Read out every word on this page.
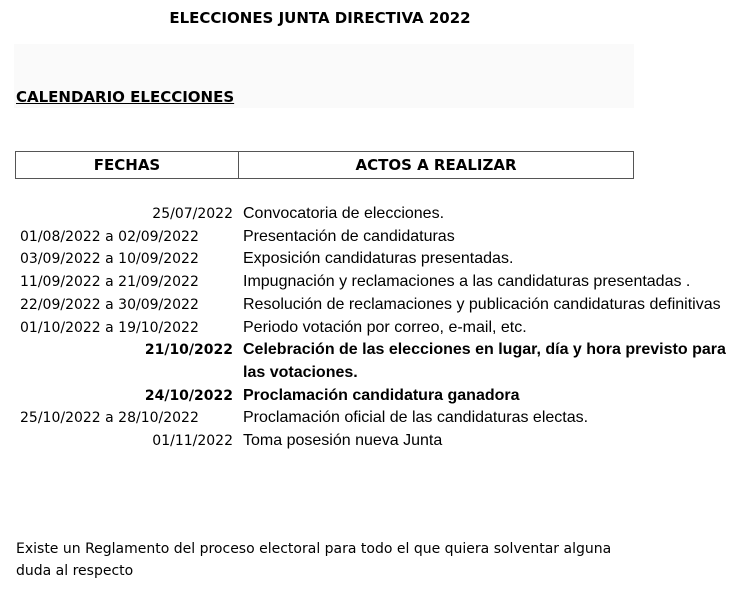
ELECCIONES JUNTA DIRECTIVA 2022
CALENDARIO ELECCIONES
FECHAS	ACTOS A REALIZAR
25/07/2022 Convocatoria de elecciones.
01/08/2022 a 02/09/2022	Presentación de candidaturas
03/09/2022 a 10/09/2022	Exposición candidaturas presentadas.
11/09/2022 a 21/09/2022	Impugnación y reclamaciones a las candidaturas presentadas .
22/09/2022 a 30/09/2022	Resolución de reclamaciones y publicación candidaturas definitivas
01/10/2022 a 19/10/2022	Periodo votación por correo, e-mail, etc.
21/10/2022 Celebración de las elecciones en lugar, día y hora previsto para las votaciones.
24/10/2022 Proclamación candidatura ganadora
25/10/2022 a 28/10/2022	Proclamación oficial de las candidaturas electas.
01/11/2022 Toma posesión nueva Junta
Existe un Reglamento del proceso electoral para todo el que quiera solventar alguna duda al respecto
